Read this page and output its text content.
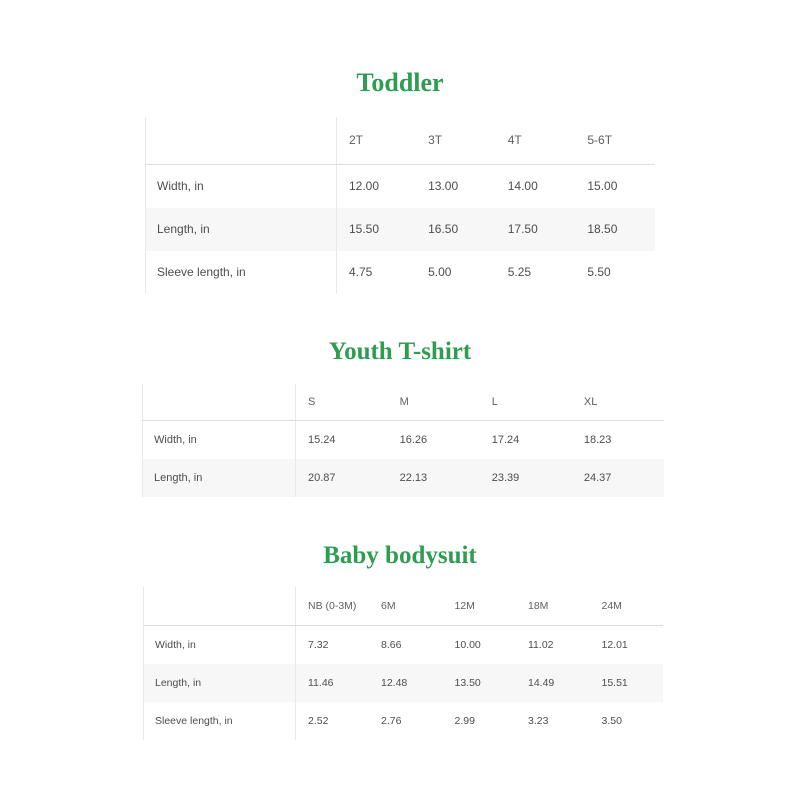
Toddler
	2T	3T	4T	5-6T
Width, in	12.00	13.00	14.00	15.00
Length, in	15.50	16.50	17.50	18.50
Sleeve length, in	4.75	5.00	5.25	5.50
Youth T-shirt
	S	M	L	XL
Width, in	15.24	16.26	17.24	18.23
Length, in	20.87	22.13	23.39	24.37
Baby bodysuit
	NB (0-3M)	6M	12M	18M	24M
Width, in	7.32	8.66	10.00	11.02	12.01
Length, in	11.46	12.48	13.50	14.49	15.51
Sleeve length, in	2.52	2.76	2.99	3.23	3.50
